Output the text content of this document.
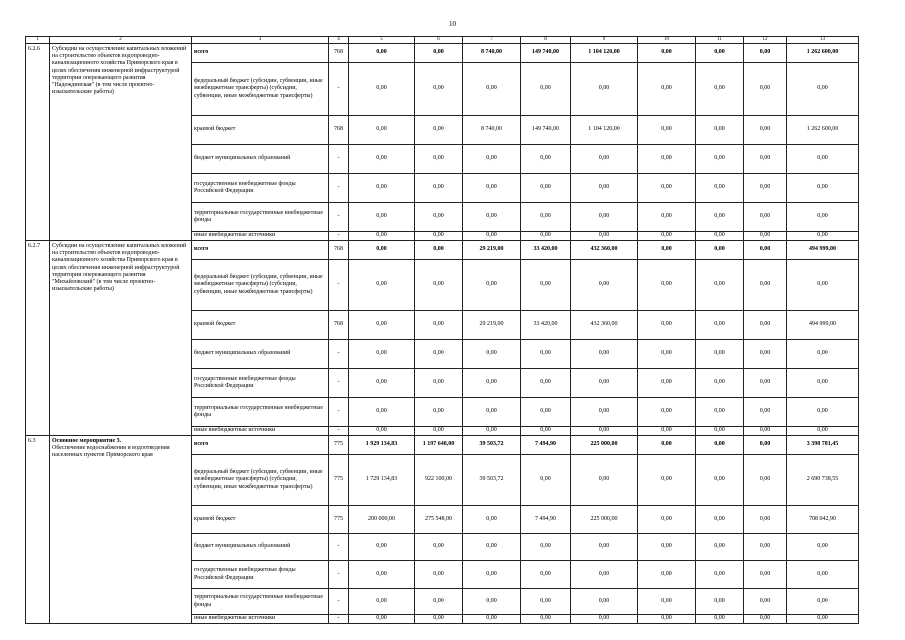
10
1	2	3	4	5	6	7	8	9	10	11	12	13
6.2.6	Субсидии на осуществление капитальных вложений на строительство объектов водопроводно-канализационного хозяйства Приморского края в целях обеспечения инженерной инфраструктурой территории опережающего развития "Надеждинская" (в том числе проектно-изыскательские работы)	всего	768	0,00	0,00	8 740,00	149 740,00	1 104 120,00	0,00	0,00	0,00	1 262 600,00
		федеральный бюджет (субсидии, субвенции, иные межбюджетные трансферты) (субсидии, субвенции, иные межбюджетные трансферты)	-	0,00	0,00	0,00	0,00	0,00	0,00	0,00	0,00	0,00
		краевой бюджет	768	0,00	0,00	8 740,00	149 740,00	1 104 120,00	0,00	0,00	0,00	1 262 600,00
		бюджет муниципальных образований	-	0,00	0,00	0,00	0,00	0,00	0,00	0,00	0,00	0,00
		государственные внебюджетные фонды Российской Федерации	-	0,00	0,00	0,00	0,00	0,00	0,00	0,00	0,00	0,00
		территориальные государственные внебюджетные фонды	-	0,00	0,00	0,00	0,00	0,00	0,00	0,00	0,00	0,00
		иные внебюджетные источники	-	0,00	0,00	0,00	0,00	0,00	0,00	0,00	0,00	0,00
6.2.7	Субсидии на осуществление капитальных вложений на строительство объектов водопроводно-канализационного хозяйства Приморского края в целях обеспечения инженерной инфраструктурой территории опережающего развития "Михайловский" (в том числе проектно-изыскательские работы)	всего	768	0,00	0,00	29 219,00	33 420,00	432 360,00	0,00	0,00	0,00	494 999,00
		федеральный бюджет (субсидии, субвенции, иные межбюджетные трансферты) (субсидии, субвенции, иные межбюджетные трансферты)	-	0,00	0,00	0,00	0,00	0,00	0,00	0,00	0,00	0,00
		краевой бюджет	768	0,00	0,00	29 219,00	33 420,00	432 360,00	0,00	0,00	0,00	494 999,00
		бюджет муниципальных образований	-	0,00	0,00	0,00	0,00	0,00	0,00	0,00	0,00	0,00
		государственные внебюджетные фонды Российской Федерации	-	0,00	0,00	0,00	0,00	0,00	0,00	0,00	0,00	0,00
		территориальные государственные внебюджетные фонды	-	0,00	0,00	0,00	0,00	0,00	0,00	0,00	0,00	0,00
		иные внебюджетные источники	-	0,00	0,00	0,00	0,00	0,00	0,00	0,00	0,00	0,00
6.3	Основное мероприятие 3.
Обеспечение водоснабжения и водоотведения населенных пунктов Приморского края	всего	775	1 929 134,83	1 197 648,00	39 503,72	7 494,90	225 000,00	0,00	0,00	0,00	3 398 781,45
		федеральный бюджет (субсидии, субвенции, иные межбюджетные трансферты) (субсидии, субвенции, иные межбюджетные трансферты)	775	1 729 134,83	922 100,00	39 503,72	0,00	0,00	0,00	0,00	0,00	2 690 738,55
		краевой бюджет	775	200 000,00	275 548,00	0,00	7 494,90	225 000,00	0,00	0,00	0,00	708 042,90
		бюджет муниципальных образований	-	0,00	0,00	0,00	0,00	0,00	0,00	0,00	0,00	0,00
		государственные внебюджетные фонды Российской Федерации	-	0,00	0,00	0,00	0,00	0,00	0,00	0,00	0,00	0,00
		территориальные государственные внебюджетные фонды	-	0,00	0,00	0,00	0,00	0,00	0,00	0,00	0,00	0,00
		иные внебюджетные источники	-	0,00	0,00	0,00	0,00	0,00	0,00	0,00	0,00	0,00
